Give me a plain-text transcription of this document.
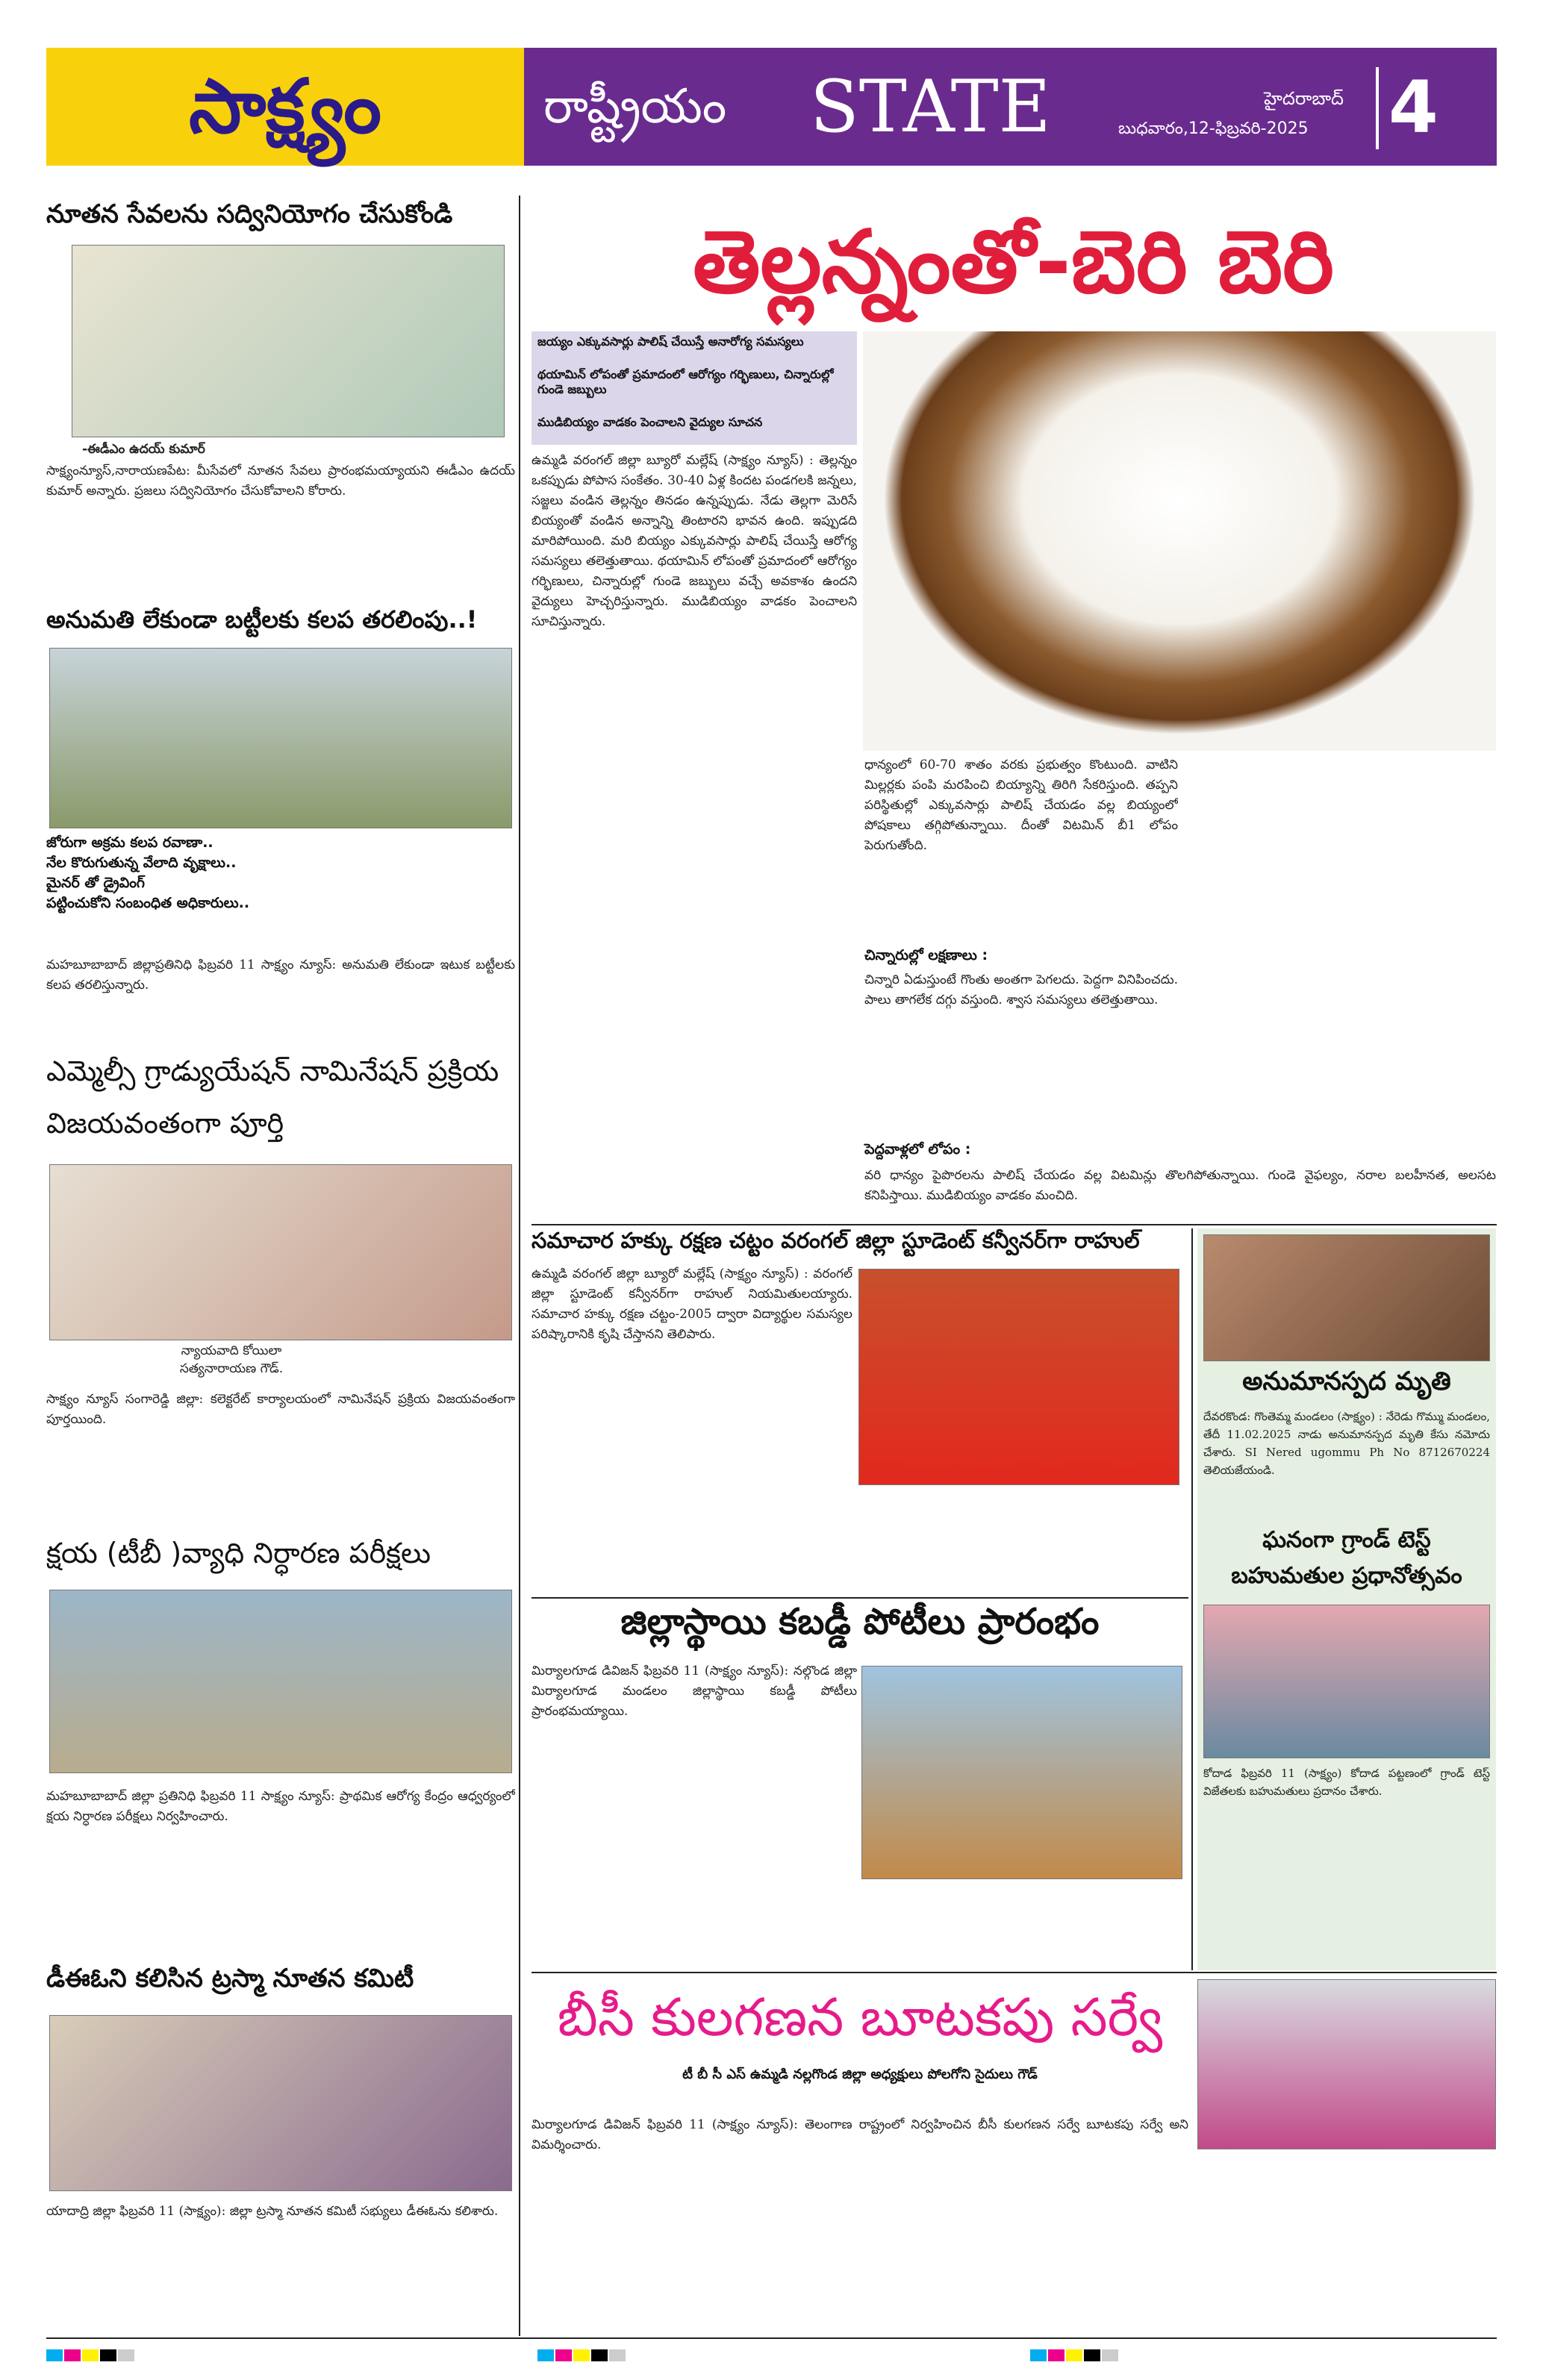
సాక్ష్యం	రాష్ట్రీయం	STATE	హైదరాబాద్
బుధవారం,12-ఫిబ్రవరి-2025	4
నూతన సేవలను సద్వినియోగం చేసుకోండి
-ఈడీఎం ఉదయ్ కుమార్
సాక్ష్యంన్యూస్,నారాయణపేట: మీసేవలో నూతన సేవలు ప్రారంభమయ్యాయని ఈడీఎం ఉదయ్ కుమార్ అన్నారు. ప్రజలు సద్వినియోగం చేసుకోవాలని కోరారు.
అనుమతి లేకుండా బట్టీలకు కలప తరలింపు..!
జోరుగా అక్రమ కలప రవాణా..
నేల కొరుగుతున్న వేలాది వృక్షాలు..
మైనర్ తో డ్రైవింగ్
పట్టించుకోని సంబంధిత అధికారులు..
మహబూబాబాద్ జిల్లాప్రతినిధి ఫిబ్రవరి 11 సాక్ష్యం న్యూస్: అనుమతి లేకుండా ఇటుక బట్టీలకు కలప తరలిస్తున్నారు.
ఎమ్మెల్సీ గ్రాడ్యుయేషన్ నామినేషన్ ప్రక్రియ విజయవంతంగా పూర్తి
న్యాయవాది కోయిలా సత్యనారాయణ గౌడ్.
సాక్ష్యం న్యూస్ సంగారెడ్డి జిల్లా: కలెక్టరేట్ కార్యాలయంలో నామినేషన్ ప్రక్రియ విజయవంతంగా పూర్తయింది.
క్షయ (టీబీ )వ్యాధి నిర్ధారణ పరీక్షలు
మహబూబాబాద్ జిల్లా ప్రతినిధి ఫిబ్రవరి 11 సాక్ష్యం న్యూస్: ప్రాథమిక ఆరోగ్య కేంద్రం ఆధ్వర్యంలో క్షయ నిర్ధారణ పరీక్షలు నిర్వహించారు.
డీఈఓని కలిసిన ట్రస్మా నూతన కమిటీ
యాదాద్రి జిల్లా ఫిబ్రవరి 11 (సాక్ష్యం): జిల్లా ట్రస్మా నూతన కమిటీ సభ్యులు డీఈఓను కలిశారు.
తెల్లన్నంతో-బెరి బెరి
జయ్యం ఎక్కువసార్లు పాలిష్ చేయిస్తే అనారోగ్య సమస్యలు
థయామిన్ లోపంతో ప్రమాదంలో ఆరోగ్యం గర్భిణులు, చిన్నారుల్లో గుండె జబ్బులు
ముడిబియ్యం వాడకం పెంచాలని వైద్యుల సూచన
ఉమ్మడి వరంగల్ జిల్లా బ్యూరో మల్లేష్ (సాక్ష్యం న్యూస్) : తెల్లన్నం ఒకప్పుడు పోపాస సంకేతం. 30-40 ఏళ్ల కిందట పండగలకి జన్నలు, సజ్జలు వండిన తెల్లన్నం తినడం ఉన్నప్పుడు. నేడు తెల్లగా మెరిసే బియ్యంతో వండిన అన్నాన్ని తింటారని భావన ఉంది. ఇప్పుడది మారిపోయింది. మరి బియ్యం ఎక్కువసార్లు పాలిష్ చేయిస్తే ఆరోగ్య సమస్యలు తలెత్తుతాయి. థయామిన్ లోపంతో ప్రమాదంలో ఆరోగ్యం గర్భిణులు, చిన్నారుల్లో గుండె జబ్బులు వచ్చే అవకాశం ఉందని వైద్యులు హెచ్చరిస్తున్నారు. ముడిబియ్యం వాడకం పెంచాలని సూచిస్తున్నారు.
ధాన్యంలో 60-70 శాతం వరకు ప్రభుత్వం కొంటుంది. వాటిని మిల్లర్లకు పంపి మరపించి బియ్యాన్ని తిరిగి సేకరిస్తుంది. తప్పని పరిస్థితుల్లో ఎక్కువసార్లు పాలిష్ చేయడం వల్ల బియ్యంలో పోషకాలు తగ్గిపోతున్నాయి. దీంతో విటమిన్ బీ1 లోపం పెరుగుతోంది.
చిన్నారుల్లో లక్షణాలు :
చిన్నారి ఏడుస్తుంటే గొంతు అంతగా పెగలదు. పెద్దగా వినిపించదు. పాలు తాగలేక దగ్గు వస్తుంది. శ్వాస సమస్యలు తలెత్తుతాయి.
పెద్దవాళ్లలో లోపం :
వరి ధాన్యం పైపొరలను పాలిష్ చేయడం వల్ల విటమిన్లు తొలగిపోతున్నాయి. గుండె వైఫల్యం, నరాల బలహీనత, అలసట కనిపిస్తాయి. ముడిబియ్యం వాడకం మంచిది.
సమాచార హక్కు రక్షణ చట్టం వరంగల్ జిల్లా స్టూడెంట్ కన్వీనర్‌గా రాహుల్
ఉమ్మడి వరంగల్ జిల్లా బ్యూరో మల్లేష్ (సాక్ష్యం న్యూస్) : వరంగల్ జిల్లా స్టూడెంట్ కన్వీనర్‌గా రాహుల్ నియమితులయ్యారు. సమాచార హక్కు రక్షణ చట్టం-2005 ద్వారా విద్యార్థుల సమస్యల పరిష్కారానికి కృషి చేస్తానని తెలిపారు.
అనుమానస్పద మృతి
దేవరకొండ: గొంతెమ్మ మండలం (సాక్ష్యం) : నేరెడు గొమ్ము మండలం, తేదీ 11.02.2025 నాడు అనుమానస్పద మృతి కేసు నమోదు చేశారు. SI Nered ugommu Ph No 8712670224 తెలియజేయండి.
ఘనంగా గ్రాండ్ టెస్ట్ బహుమతుల ప్రధానోత్సవం
కోదాడ ఫిబ్రవరి 11 (సాక్ష్యం) కోదాడ పట్టణంలో గ్రాండ్ టెస్ట్ విజేతలకు బహుమతులు ప్రదానం చేశారు.
జిల్లాస్థాయి కబడ్డీ పోటీలు ప్రారంభం
మిర్యాలగూడ డివిజన్ ఫిబ్రవరి 11 (సాక్ష్యం న్యూస్): నల్గొండ జిల్లా మిర్యాలగూడ మండలం జిల్లాస్థాయి కబడ్డీ పోటీలు ప్రారంభమయ్యాయి.
బీసీ కులగణన బూటకపు సర్వే
టీ బీ సీ ఎస్ ఉమ్మడి నల్లగొండ జిల్లా అధ్యక్షులు పోలగోని సైదులు గౌడ్
మిర్యాలగూడ డివిజన్ ఫిబ్రవరి 11 (సాక్ష్యం న్యూస్): తెలంగాణ రాష్ట్రంలో నిర్వహించిన బీసీ కులగణన సర్వే బూటకపు సర్వే అని విమర్శించారు.
